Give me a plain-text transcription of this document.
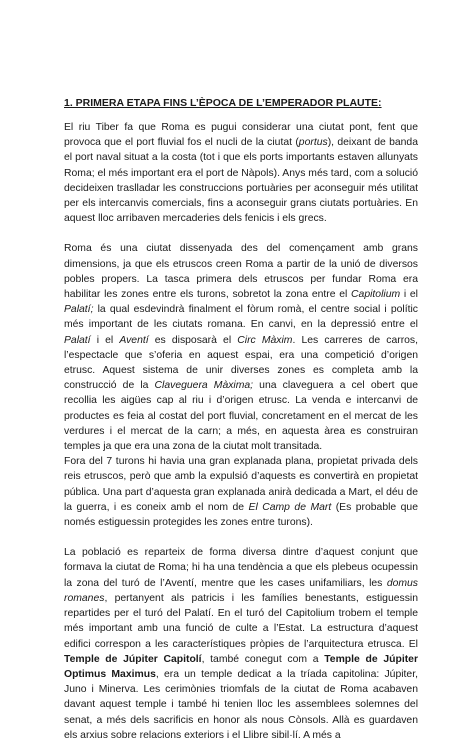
1. PRIMERA ETAPA FINS L’ÈPOCA DE L’EMPERADOR PLAUTE:

El riu Tiber fa que Roma es pugui considerar una ciutat pont, fent que provoca que el port fluvial fos el nucli de la ciutat (portus), deixant de banda el port naval situat a la costa (tot i que els ports importants estaven allunyats Roma; el més important era el port de Nàpols). Anys més tard, com a solució decideixen traslladar les construccions portuàries per aconseguir més utilitat per els intercanvis comercials, fins a aconseguir grans ciutats portuàries. En aquest lloc arribaven mercaderies dels fenicis i els grecs.

Roma és una ciutat dissenyada des del començament amb grans dimensions, ja que els etruscos creen Roma a partir de la unió de diversos pobles propers. La tasca primera dels etruscos per fundar Roma era habilitar les zones entre els turons, sobretot la zona entre el Capitolium i el Palatí; la qual esdevindrà finalment el fòrum romà, el centre social i polític més important de les ciutats romana. En canvi, en la depressió entre el Palatí i el Aventí es disposarà el Circ Màxim. Les carreres de carros, l’espectacle que s’oferia en aquest espai, era una competició d’origen etrusc. Aquest sistema de unir diverses zones es completa amb la construcció de la Claveguera Màxima; una claveguera a cel obert que recollia les aigües cap al riu i d’origen etrusc. La venda e intercanvi de productes es feia al costat del port fluvial, concretament en el mercat de les verdures i el mercat de la carn; a més, en aquesta àrea es construiran temples ja que era una zona de la ciutat molt transitada.

Fora del 7 turons hi havia una gran explanada plana, propietat privada dels reis etruscos, però que amb la expulsió d’aquests es convertirà en propietat pública. Una part d’aquesta gran explanada anirà dedicada a Mart, el déu de la guerra, i es coneix amb el nom de El Camp de Mart (Es probable que només estiguessin protegides les zones entre turons).

La població es reparteix de forma diversa dintre d’aquest conjunt que formava la ciutat de Roma; hi ha una tendència a que els plebeus ocupessin la zona del turó de l’Aventí, mentre que les cases unifamiliars, les domus romanes, pertanyent als patricis i les famílies benestants, estiguessin repartides per el turó del Palatí. En el turó del Capitolium trobem el temple més important amb una funció de culte a l’Estat. La estructura d’aquest edifici correspon a les característiques pròpies de l’arquitectura etrusca. El Temple de Júpiter Capitolí, també conegut com a Temple de Júpiter Optimus Maximus, era un temple dedicat a la tríada capitolina: Júpiter, Juno i Minerva. Les cerimònies triomfals de la ciutat de Roma acabaven davant aquest temple i també hi tenien lloc les assemblees solemnes del senat, a més dels sacrificis en honor als nous Cònsols. Allà es guardaven els arxius sobre relacions exteriors i el Llibre sibil·lí. A més a
